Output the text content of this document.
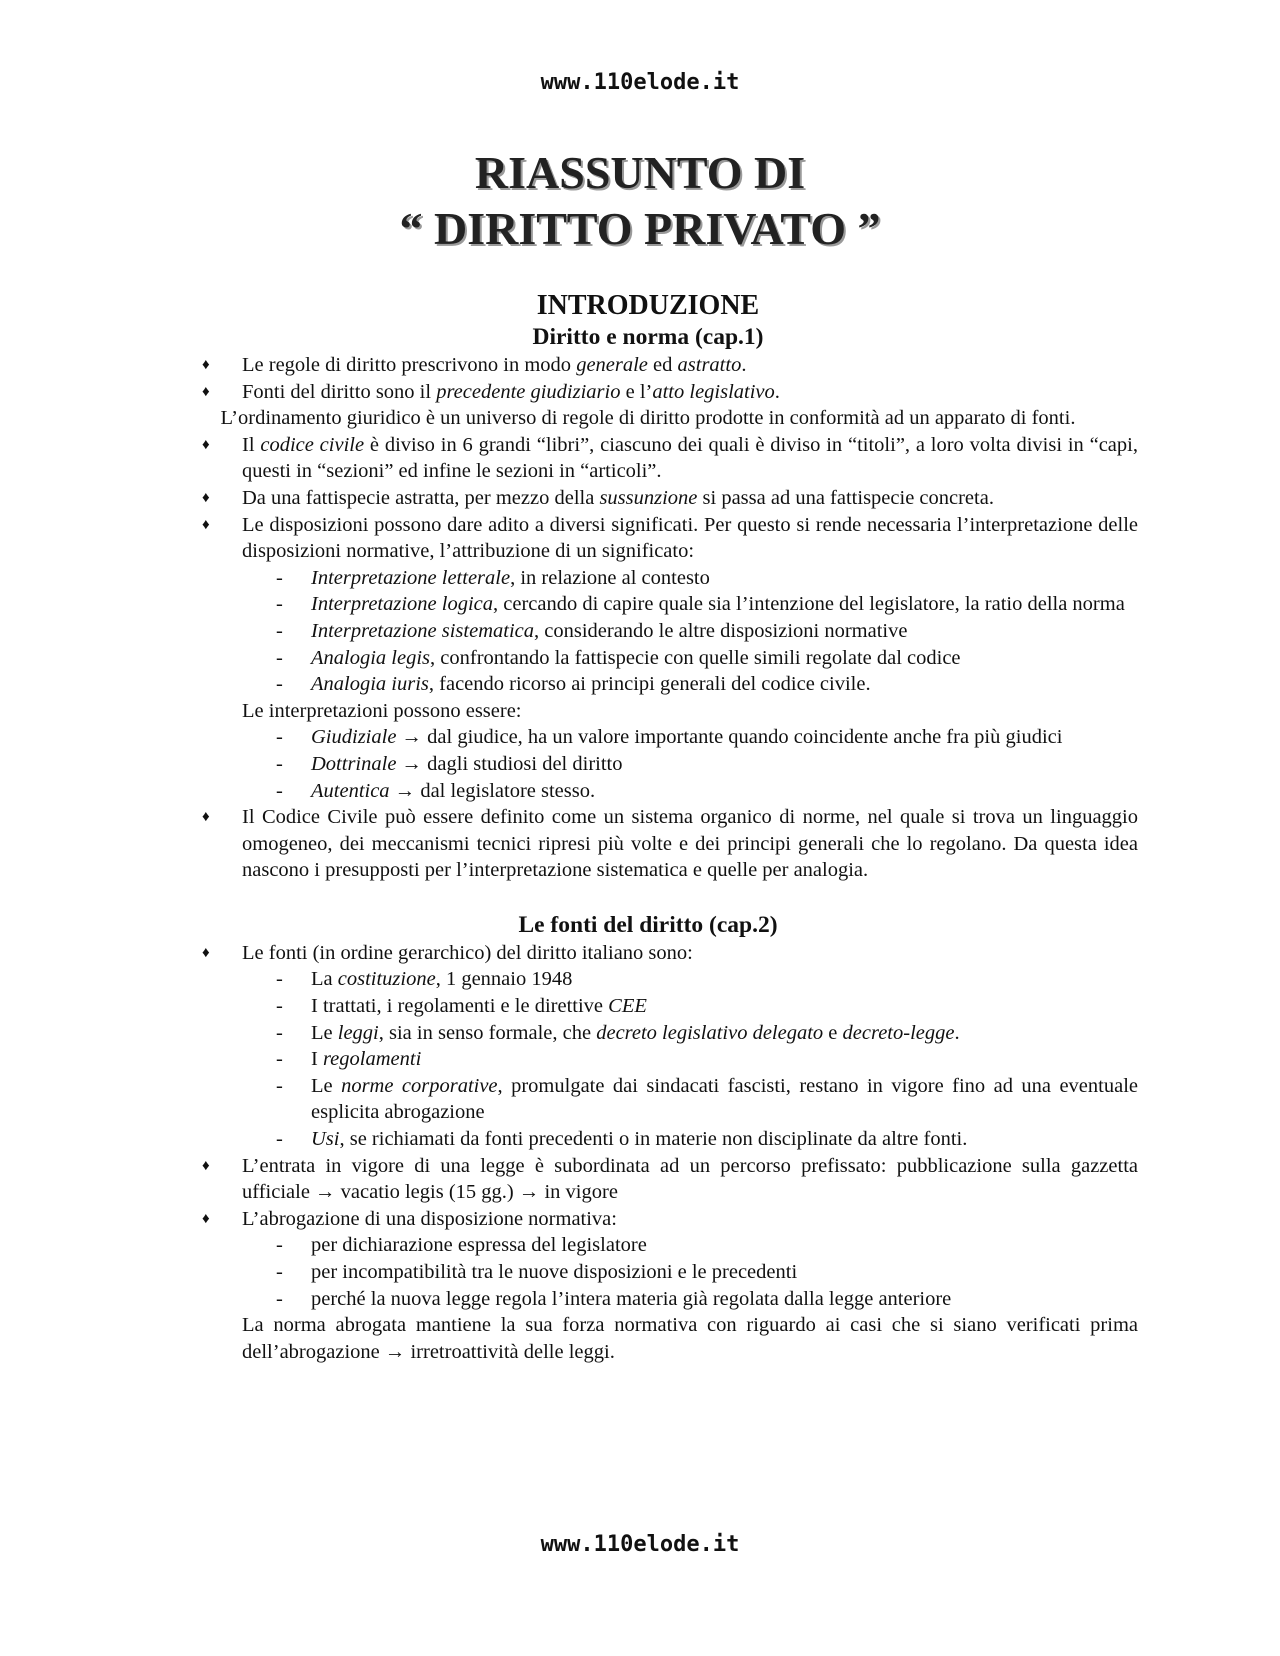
www.110elode.it
RIASSUNTO DI
“ DIRITTO PRIVATO ”
INTRODUZIONE
Diritto e norma (cap.1)
♦ Le regole di diritto prescrivono in modo generale ed astratto.
♦ Fonti del diritto sono il precedente giudiziario e l’atto legislativo.
L’ordinamento giuridico è un universo di regole di diritto prodotte in conformità ad un apparato di fonti.
♦ Il codice civile è diviso in 6 grandi “libri”, ciascuno dei quali è diviso in “titoli”, a loro volta divisi in “capi, questi in “sezioni” ed infine le sezioni in “articoli”.
♦ Da una fattispecie astratta, per mezzo della sussunzione si passa ad una fattispecie concreta.
♦ Le disposizioni possono dare adito a diversi significati. Per questo si rende necessaria l’interpretazione delle disposizioni normative, l’attribuzione di un significato:
- Interpretazione letterale, in relazione al contesto
- Interpretazione logica, cercando di capire quale sia l’intenzione del legislatore, la ratio della norma
- Interpretazione sistematica, considerando le altre disposizioni normative
- Analogia legis, confrontando la fattispecie con quelle simili regolate dal codice
- Analogia iuris, facendo ricorso ai principi generali del codice civile.
Le interpretazioni possono essere:
- Giudiziale → dal giudice, ha un valore importante quando coincidente anche fra più giudici
- Dottrinale → dagli studiosi del diritto
- Autentica → dal legislatore stesso.
♦ Il Codice Civile può essere definito come un sistema organico di norme, nel quale si trova un linguaggio omogeneo, dei meccanismi tecnici ripresi più volte e dei principi generali che lo regolano. Da questa idea nascono i presupposti per l’interpretazione sistematica e quelle per analogia.
Le fonti del diritto (cap.2)
♦ Le fonti (in ordine gerarchico) del diritto italiano sono:
- La costituzione, 1 gennaio 1948
- I trattati, i regolamenti e le direttive CEE
- Le leggi, sia in senso formale, che decreto legislativo delegato e decreto-legge.
- I regolamenti
- Le norme corporative, promulgate dai sindacati fascisti, restano in vigore fino ad una eventuale esplicita abrogazione
- Usi, se richiamati da fonti precedenti o in materie non disciplinate da altre fonti.
♦ L’entrata in vigore di una legge è subordinata ad un percorso prefissato: pubblicazione sulla gazzetta ufficiale → vacatio legis (15 gg.) → in vigore
♦ L’abrogazione di una disposizione normativa:
- per dichiarazione espressa del legislatore
- per incompatibilità tra le nuove disposizioni e le precedenti
- perché la nuova legge regola l’intera materia già regolata dalla legge anteriore
La norma abrogata mantiene la sua forza normativa con riguardo ai casi che si siano verificati prima dell’abrogazione → irretroattività delle leggi.
www.110elode.it
